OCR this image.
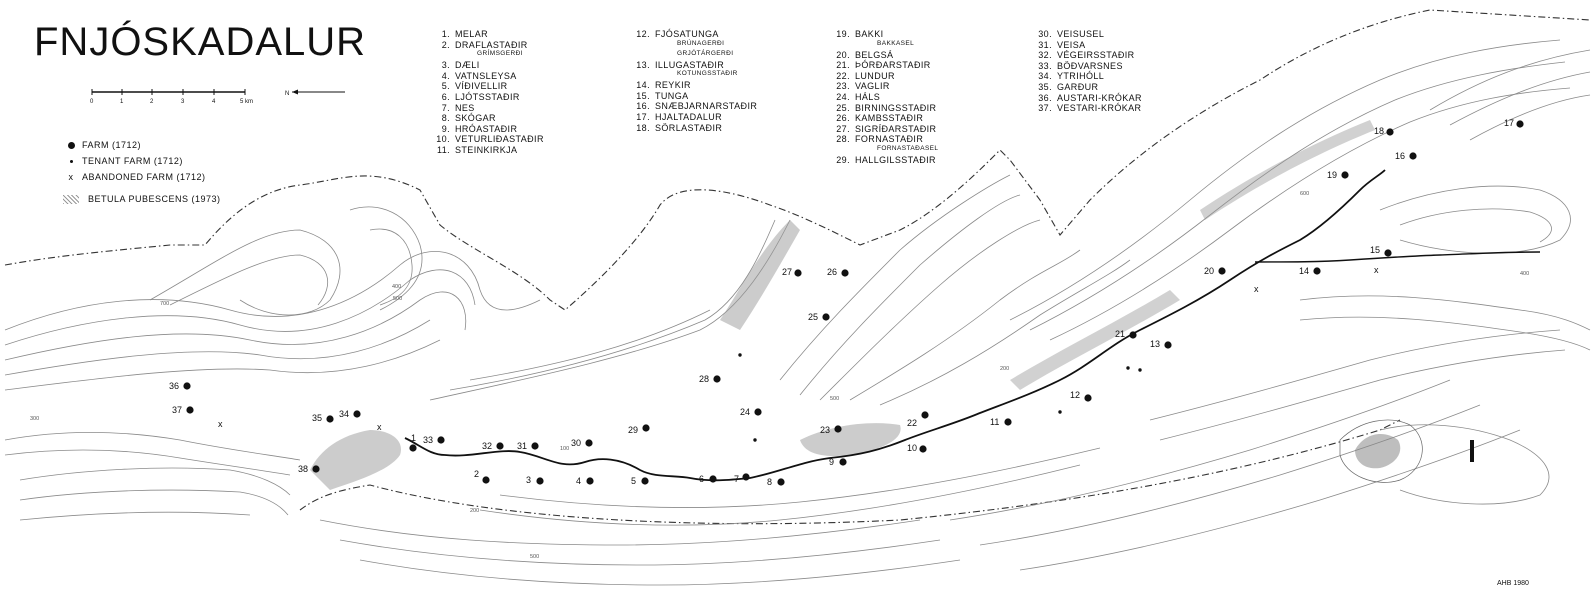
1
2
3	4	5	6	7	8
9
10
11
12
13
14
15
16
17
18
19
20
21
22
23
24
25
26
27
28
29
30
31
32
33
34
35
36
37
38
x	x
x
x
400
500
700
300
100
200
500
500
200
600
400
FNJÓSKADALUR
0	1	2	3	4	5 km
N
FARM (1712)
TENANT FARM (1712)
x ABANDONED FARM (1712)
BETULA PUBESCENS (1973)
1. MELAR
2. DRAFLASTAÐIR
GRÍMSGERÐI
3. DÆLI
4. VATNSLEYSA
5. VÍÐIVELLIR
6. LJÓTSSTAÐIR
7. NES
8. SKÓGAR
9. HRÓASTAÐIR
10. VETURLIÐASTAÐIR
11. STEINKIRKJA
12. FJÓSATUNGA
BRÚNAGERÐI
GRJÓTÁRGERÐI
13. ILLUGASTAÐIR
KOTUNGSSTAÐIR
14. REYKIR
15. TUNGA
16. SNÆBJARNARSTAÐIR
17. HJALTADALUR
18. SÖRLASTAÐIR
19. BAKKI
BAKKASEL
20. BELGSÁ
21. ÞÓRÐARSTAÐIR
22. LUNDUR
23. VAGLIR
24. HÁLS
25. BIRNINGSSTAÐIR
26. KAMBSSTAÐIR
27. SIGRÍÐARSTAÐIR
28. FORNASTAÐIR
FORNASTAÐASEL
29. HALLGILSSTAÐIR
30. VEISUSEL
31. VEISA
32. VÉGEIRSSTAÐIR
33. BÖÐVARSNES
34. YTRIHÓLL
35. GARÐUR
36. AUSTARI-KRÓKAR
37. VESTARI-KRÓKAR
AHB 1980
